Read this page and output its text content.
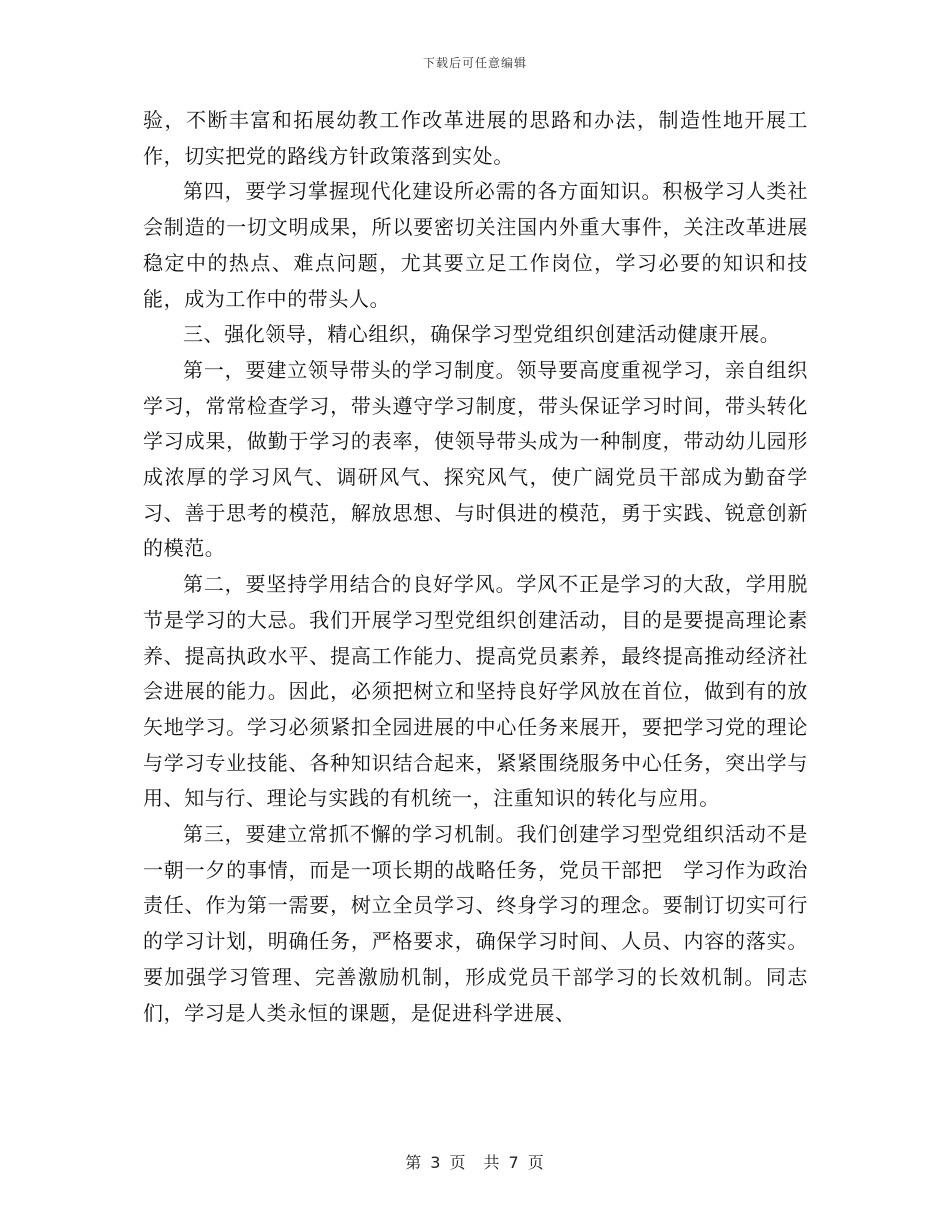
下载后可任意编辑

验，不断丰富和拓展幼教工作改革进展的思路和办法，制造性地开展工作，切实把党的路线方针政策落到实处。

第四，要学习掌握现代化建设所必需的各方面知识。积极学习人类社会制造的一切文明成果，所以要密切关注国内外重大事件，关注改革进展稳定中的热点、难点问题，尤其要立足工作岗位，学习必要的知识和技能，成为工作中的带头人。

三、强化领导，精心组织，确保学习型党组织创建活动健康开展。

第一，要建立领导带头的学习制度。领导要高度重视学习，亲自组织学习，常常检查学习，带头遵守学习制度，带头保证学习时间，带头转化学习成果，做勤于学习的表率，使领导带头成为一种制度，带动幼儿园形成浓厚的学习风气、调研风气、探究风气，使广阔党员干部成为勤奋学习、善于思考的模范，解放思想、与时俱进的模范，勇于实践、锐意创新的模范。

第二，要坚持学用结合的良好学风。学风不正是学习的大敌，学用脱节是学习的大忌。我们开展学习型党组织创建活动，目的是要提高理论素养、提高执政水平、提高工作能力、提高党员素养，最终提高推动经济社会进展的能力。因此，必须把树立和坚持良好学风放在首位，做到有的放矢地学习。学习必须紧扣全园进展的中心任务来展开，要把学习党的理论与学习专业技能、各种知识结合起来，紧紧围绕服务中心任务，突出学与用、知与行、理论与实践的有机统一，注重知识的转化与应用。

第三，要建立常抓不懈的学习机制。我们创建学习型党组织活动不是一朝一夕的事情，而是一项长期的战略任务，党员干部把　学习作为政治责任、作为第一需要，树立全员学习、终身学习的理念。要制订切实可行的学习计划，明确任务，严格要求，确保学习时间、人员、内容的落实。要加强学习管理、完善激励机制，形成党员干部学习的长效机制。同志们，学习是人类永恒的课题，是促进科学进展、

第 3 页　共 7 页
